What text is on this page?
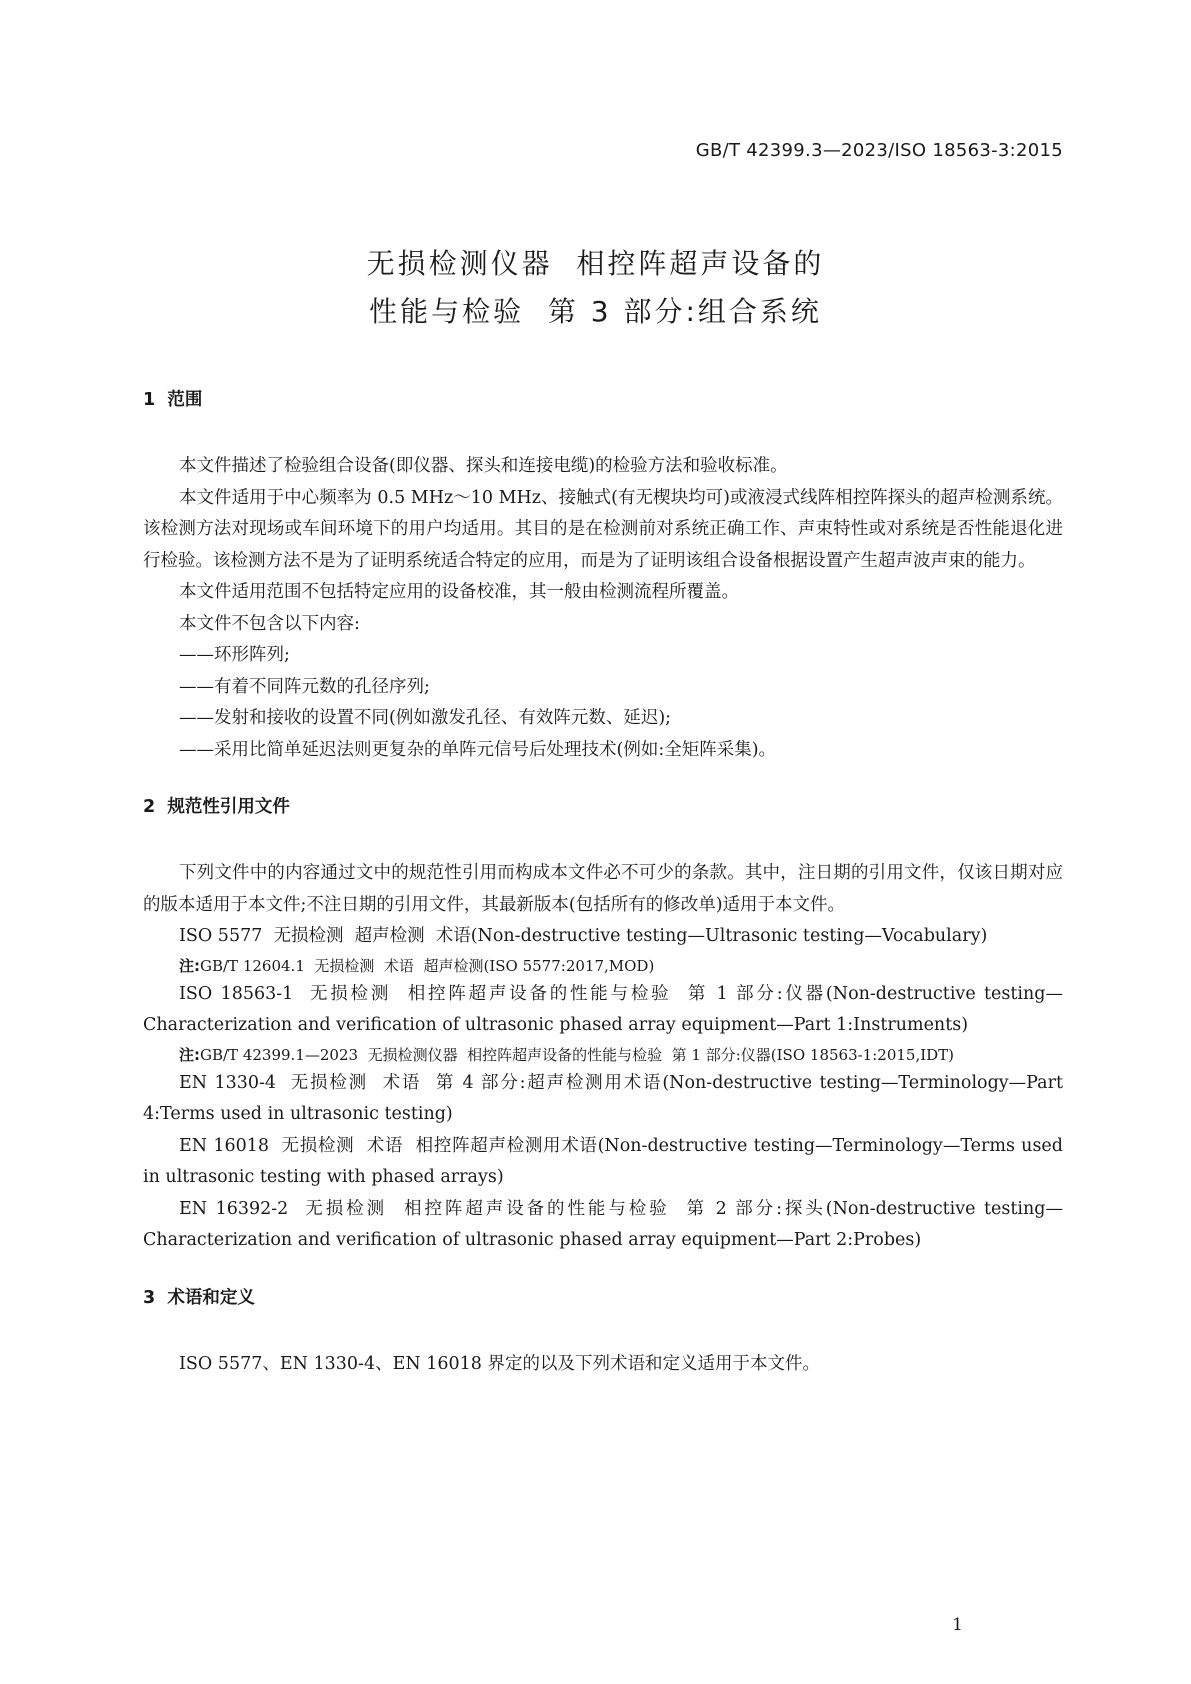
GB/T 42399.3—2023/ISO 18563-3:2015
无损检测仪器  相控阵超声设备的
性能与检验  第 3 部分:组合系统
1  范围

本文件描述了检验组合设备(即仪器、探头和连接电缆)的检验方法和验收标准。

本文件适用于中心频率为 0.5 MHz～10 MHz、接触式(有无楔块均可)或液浸式线阵相控阵探头的超声检测系统。该检测方法对现场或车间环境下的用户均适用。其目的是在检测前对系统正确工作、声束特性或对系统是否性能退化进行检验。该检测方法不是为了证明系统适合特定的应用，而是为了证明该组合设备根据设置产生超声波声束的能力。

本文件适用范围不包括特定应用的设备校准，其一般由检测流程所覆盖。

本文件不包含以下内容:

——环形阵列;

——有着不同阵元数的孔径序列;

——发射和接收的设置不同(例如激发孔径、有效阵元数、延迟);

——采用比简单延迟法则更复杂的单阵元信号后处理技术(例如:全矩阵采集)。

2  规范性引用文件

下列文件中的内容通过文中的规范性引用而构成本文件必不可少的条款。其中，注日期的引用文件，仅该日期对应的版本适用于本文件;不注日期的引用文件，其最新版本(包括所有的修改单)适用于本文件。

ISO 5577  无损检测  超声检测  术语(Non-destructive testing—Ultrasonic testing—Vocabulary)

注:GB/T 12604.1  无损检测  术语  超声检测(ISO 5577:2017,MOD)

ISO 18563-1  无损检测  相控阵超声设备的性能与检验  第 1 部分:仪器(Non-destructive testing—Characterization and verification of ultrasonic phased array equipment—Part 1:Instruments)

注:GB/T 42399.1—2023  无损检测仪器  相控阵超声设备的性能与检验  第 1 部分:仪器(ISO 18563-1:2015,IDT)

EN 1330-4  无损检测  术语  第 4 部分:超声检测用术语(Non-destructive testing—Terminology—Part 4:Terms used in ultrasonic testing)

EN 16018  无损检测  术语  相控阵超声检测用术语(Non-destructive testing—Terminology—Terms used in ultrasonic testing with phased arrays)

EN 16392-2  无损检测  相控阵超声设备的性能与检验  第 2 部分:探头(Non-destructive testing—Characterization and verification of ultrasonic phased array equipment—Part 2:Probes)

3  术语和定义

ISO 5577、EN 1330-4、EN 16018 界定的以及下列术语和定义适用于本文件。

1
